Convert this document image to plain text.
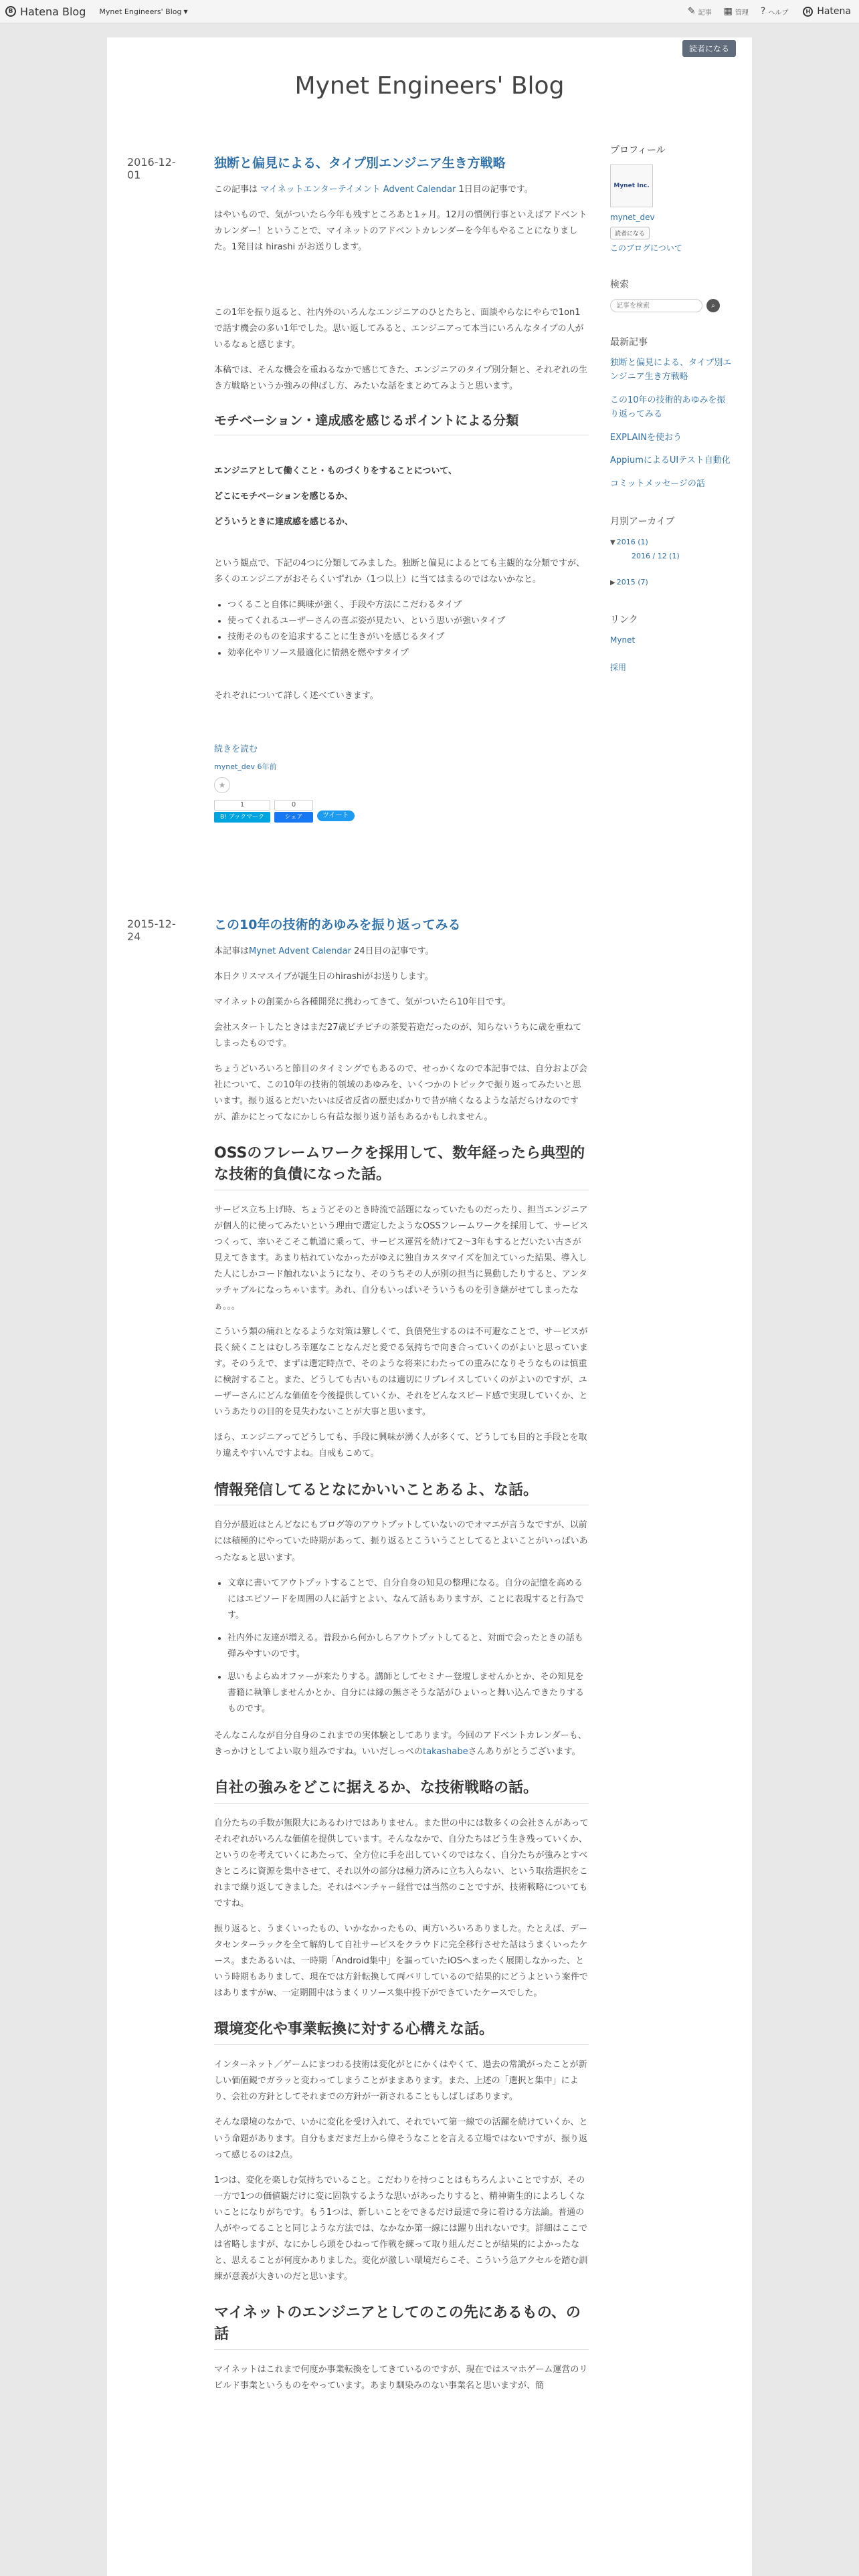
B Hatena Blog Mynet Engineers' Blog ▼	✎ 記事 ▦ 管理 ? ヘルプ	H Hatena
読者になる
Mynet Engineers' Blog
2016-12-01
独断と偏見による、タイプ別エンジニア生き方戦略

この記事は マイネットエンターテイメント Advent Calendar 1日目の記事です。

はやいもので、気がついたら今年も残すところあと1ヶ月。12月の慣例行事といえばアドベントカレンダー！ということで、マイネットのアドベントカレンダーを今年もやることになりました。1発目は hirashi がお送りします。

この1年を振り返ると、社内外のいろんなエンジニアのひとたちと、面談やらなにやらで1on1で話す機会の多い1年でした。思い返してみると、エンジニアって本当にいろんなタイプの人がいるなぁと感じます。

本稿では、そんな機会を重ねるなかで感じてきた、エンジニアのタイプ別分類と、それぞれの生き方戦略というか強みの伸ばし方、みたいな話をまとめてみようと思います。

モチベーション・達成感を感じるポイントによる分類

エンジニアとして働くこと・ものづくりをすることについて、

どこにモチベーションを感じるか、

どういうときに達成感を感じるか、

という観点で、下記の4つに分類してみました。独断と偏見によるとても主観的な分類ですが、多くのエンジニアがおそらくいずれか（1つ以上）に当てはまるのではないかなと。

• つくること自体に興味が強く、手段や方法にこだわるタイプ
• 使ってくれるユーザーさんの喜ぶ姿が見たい、という思いが強いタイプ
• 技術そのものを追求することに生きがいを感じるタイプ
• 効率化やリソース最適化に情熱を燃やすタイプ

それぞれについて詳しく述べていきます。

続きを読む
mynet_dev 6年前
★
1
B! ブックマーク
0
シェア	ツイート
2015-12-24
この10年の技術的あゆみを振り返ってみる

本記事はMynet Advent Calendar 24日目の記事です。

本日クリスマスイブが誕生日のhirashiがお送りします。

マイネットの創業から各種開発に携わってきて、気がついたら10年目です。

会社スタートしたときはまだ27歳ピチピチの茶髪若造だったのが、知らないうちに歳を重ねてしまったものです。

ちょうどいろいろと節目のタイミングでもあるので、せっかくなので本記事では、自分および会社について、この10年の技術的領域のあゆみを、いくつかのトピックで振り返ってみたいと思います。振り返るとだいたいは反省反省の歴史ばかりで昔が痛くなるような話だらけなのですが、誰かにとってなにかしら有益な振り返り話もあるかもしれません。

OSSのフレームワークを採用して、数年経ったら典型的な技術的負債になった話。

サービス立ち上げ時、ちょうどそのとき時流で話題になっていたものだったり、担当エンジニアが個人的に使ってみたいという理由で選定したようなOSSフレームワークを採用して、サービスつくって、幸いそこそこ軌道に乗って、サービス運営を続けて2〜3年もするとだいたい古さが見えてきます。あまり枯れていなかったがゆえに独自カスタマイズを加えていった結果、導入した人にしかコード触れないようになり、そのうちその人が別の担当に異動したりすると、アンタッチャブルになっちゃいます。あれ、自分もいっぱいそういうものを引き継がせてしまったなぁ。。。

こういう類の痛れとなるような対策は難しくて、負債発生するのは不可避なことで、サービスが長く続くことはむしろ幸運なことなんだと愛でる気持ちで向き合っていくのがよいと思っています。そのうえで、まずは選定時点で、そのような将来にわたっての重みになりそうなものは慎重に検討すること。また、どうしても古いものは適切にリプレイスしていくのがよいのですが、ユーザーさんにどんな価値を今後提供していくか、それをどんなスピード感で実現していくか、というあたりの目的を見失わないことが大事と思います。

ほら、エンジニアってどうしても、手段に興味が湧く人が多くて、どうしても目的と手段とを取り違えやすいんですよね。自戒もこめて。

情報発信してるとなにかいいことあるよ、な話。

自分が最近はとんどなにもブログ等のアウトプットしていないのでオマエが言うなですが、以前には積極的にやっていた時期があって、振り返るとこういうことしてるとよいことがいっぱいあったなぁと思います。

• 文章に書いてアウトプットすることで、自分自身の知見の整理になる。自分の記憶を高めるにはエピソードを周囲の人に話すとよい、なんて話もありますが、ことに表現すると行為です。
• 社内外に友達が増える。普段から何かしらアウトプットしてると、対面で会ったときの話も弾みやすいのです。
• 思いもよらぬオファーが来たりする。講師としてセミナー登壇しませんかとか、その知見を書籍に執筆しませんかとか、自分には縁の無さそうな話がひょいっと舞い込んできたりするものです。

そんなこんなが自分自身のこれまでの実体験としてあります。今回のアドベントカレンダーも、きっかけとしてよい取り組みですね。いいだしっぺのtakashabeさんありがとうございます。

自社の強みをどこに据えるか、な技術戦略の話。

自分たちの手数が無限大にあるわけではありません。また世の中には数多くの会社さんがあってそれぞれがいろんな価値を提供しています。そんななかで、自分たちはどう生き残っていくか、というのを考えていくにあたって、全方位に手を出していくのではなく、自分たちが強みとすべきところに資源を集中させて、それ以外の部分は極力済みに立ち入らない、という取捨選択をこれまで繰り返してきました。それはベンチャー経営では当然のことですが、技術戦略についてもですね。

振り返ると、うまくいったもの、いかなかったもの、両方いろいろありました。たとえば、データセンターラックを全て解約して自社サービスをクラウドに完全移行させた話はうまくいったケース。またあるいは、一時期「Android集中」を謳っていたiOSへまったく展開しなかった、という時期もありまして、現在では方針転換して両バリしているので結果的にどうよという案件ではありますがw、一定期間中はうまくリソース集中投下ができていたケースでした。

環境変化や事業転換に対する心構えな話。

インターネット／ゲームにまつわる技術は変化がとにかくはやくて、過去の常識がったことが新しい価値観でガラッと変わってしまうことがままあります。また、上述の「選択と集中」により、会社の方針としてそれまでの方針が一新されることもしばしばあります。

そんな環境のなかで、いかに変化を受け入れて、それでいて第一線での活躍を続けていくか、という命題があります。自分もまだまだ上から偉そうなことを言える立場ではないですが、振り返って感じるのは2点。

1つは、変化を楽しむ気持ちでいること。こだわりを持つことはもちろんよいことですが、その一方で1つの価値観だけに変に固執するような思いがあったりすると、精神衛生的によろしくないことになりがちです。もう1つは、新しいことをできるだけ最速で身に着ける方法論。普通の人がやってることと同じような方法では、なかなか第一線には躍り出れないです。詳細はここでは省略しますが、なにかしら頭をひねって作戦を練って取り組んだことが結果的によかったなと、思えることが何度かありました。変化が激しい環境だらこそ、こういう急アクセルを踏む訓練が意義が大きいのだと思います。

マイネットのエンジニアとしてのこの先にあるもの、の話

マイネットはこれまで何度か事業転換をしてきているのですが、現在ではスマホゲーム運営のリビルド事業というものをやっています。あまり馴染みのない事業名と思いますが、簡

プロフィール
Mynet Inc.
mynet_dev
読者になる
このブログについて
検索
記事を検索
⌕
最新記事
独断と偏見による、タイプ別エンジニア生き方戦略
この10年の技術的あゆみを振り返ってみる
EXPLAINを使おう
AppiumによるUIテスト自動化
コミットメッセージの話
月別アーカイブ
▼ 2016 (1)
2016 / 12 (1)
▶ 2015 (7)
リンク
Mynet
採用
